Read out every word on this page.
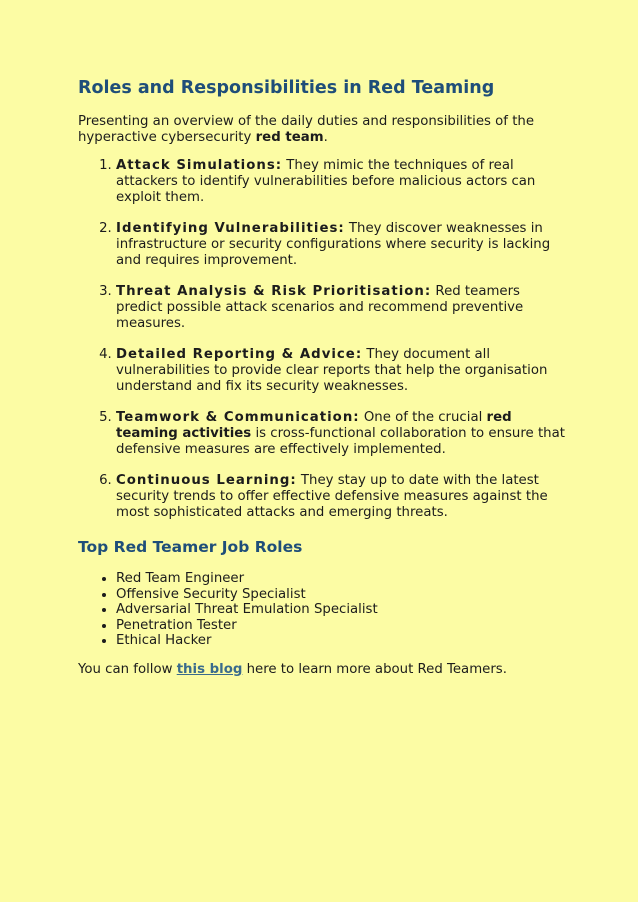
Roles and Responsibilities in Red Teaming

Presenting an overview of the daily duties and responsibilities of the hyperactive cybersecurity red team.

1. Attack Simulations: They mimic the techniques of real attackers to identify vulnerabilities before malicious actors can exploit them.
2. Identifying Vulnerabilities: They discover weaknesses in infrastructure or security configurations where security is lacking and requires improvement.
3. Threat Analysis & Risk Prioritisation: Red teamers predict possible attack scenarios and recommend preventive measures.
4. Detailed Reporting & Advice: They document all vulnerabilities to provide clear reports that help the organisation understand and fix its security weaknesses.
5. Teamwork & Communication: One of the crucial red teaming activities is cross-functional collaboration to ensure that defensive measures are effectively implemented.
6. Continuous Learning: They stay up to date with the latest security trends to offer effective defensive measures against the most sophisticated attacks and emerging threats.
Top Red Teamer Job Roles
• Red Team Engineer
• Offensive Security Specialist
• Adversarial Threat Emulation Specialist
• Penetration Tester
• Ethical Hacker

You can follow this blog here to learn more about Red Teamers.
